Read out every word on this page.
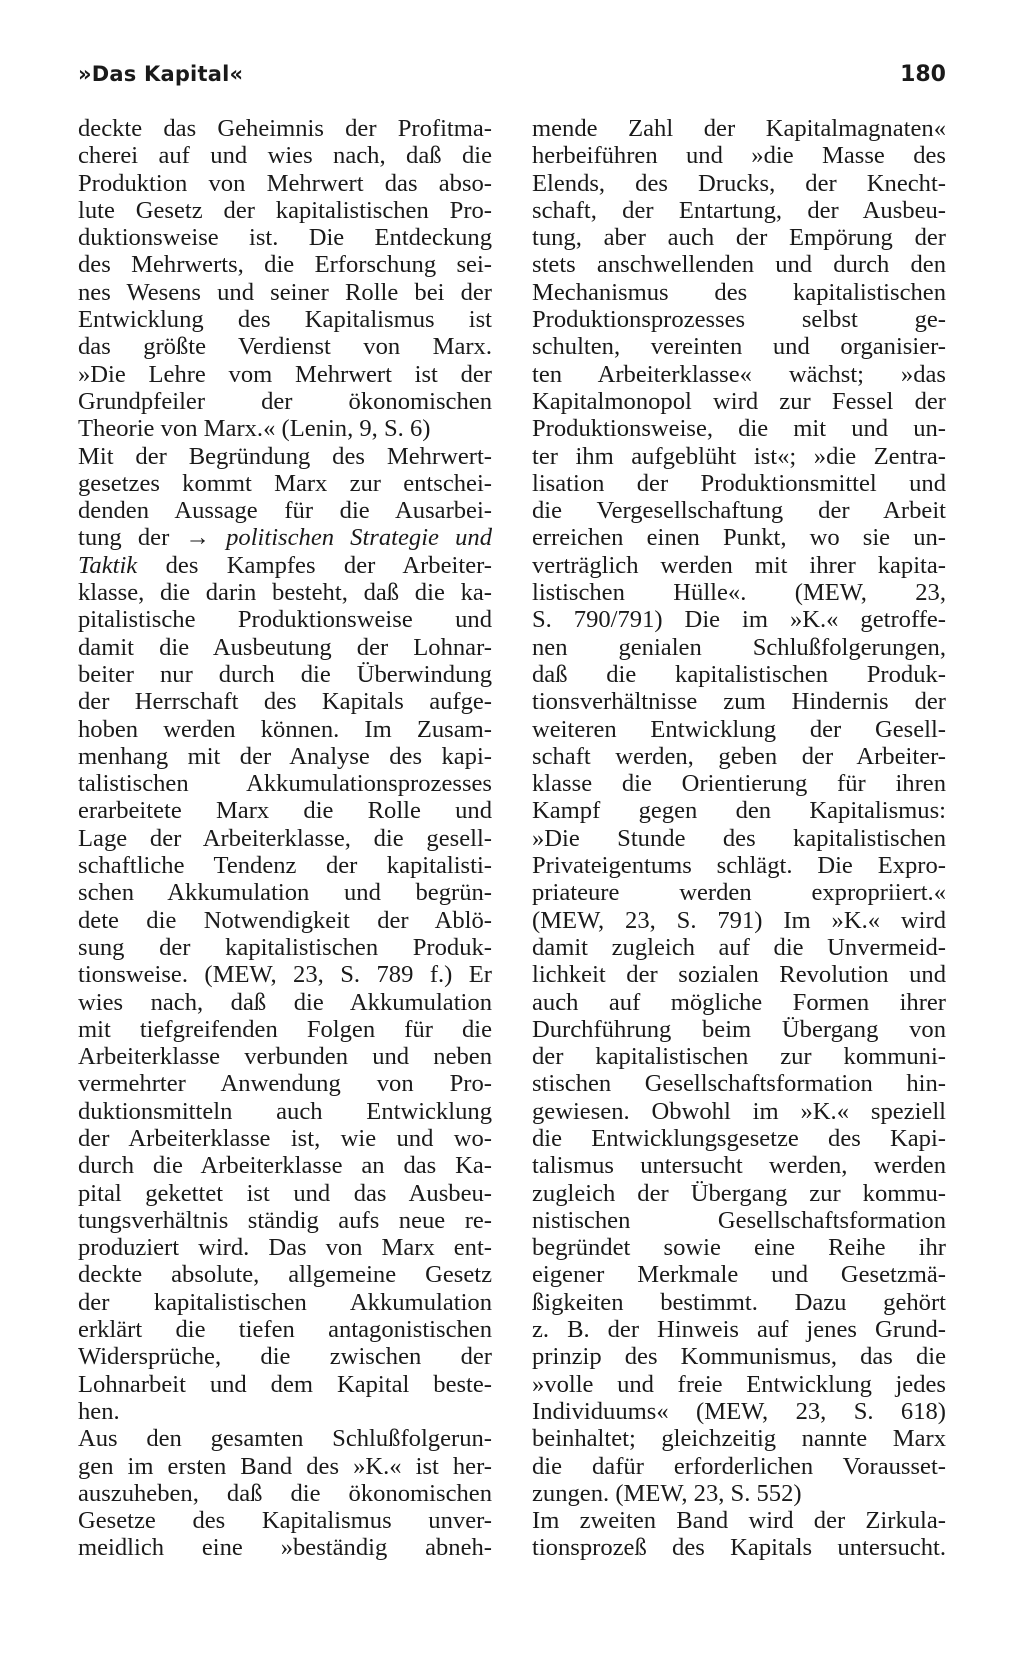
»Das Kapital«	180
deckte das Geheimnis der Profitma-
cherei auf und wies nach, daß die
Produktion von Mehrwert das abso-
lute Gesetz der kapitalistischen Pro-
duktionsweise ist. Die Entdeckung
des Mehrwerts, die Erforschung sei-
nes Wesens und seiner Rolle bei der
Entwicklung des Kapitalismus ist
das größte Verdienst von Marx.
»Die Lehre vom Mehrwert ist der
Grundpfeiler der ökonomischen
Theorie von Marx.« (Lenin, 9, S. 6)
Mit der Begründung des Mehrwert-
gesetzes kommt Marx zur entschei-
denden Aussage für die Ausarbei-
tung der → politischen Strategie und
Taktik des Kampfes der Arbeiter-
klasse, die darin besteht, daß die ka-
pitalistische Produktionsweise und
damit die Ausbeutung der Lohnar-
beiter nur durch die Überwindung
der Herrschaft des Kapitals aufge-
hoben werden können. Im Zusam-
menhang mit der Analyse des kapi-
talistischen Akkumulationsprozesses
erarbeitete Marx die Rolle und
Lage der Arbeiterklasse, die gesell-
schaftliche Tendenz der kapitalisti-
schen Akkumulation und begrün-
dete die Notwendigkeit der Ablö-
sung der kapitalistischen Produk-
tionsweise. (MEW, 23, S. 789 f.) Er
wies nach, daß die Akkumulation
mit tiefgreifenden Folgen für die
Arbeiterklasse verbunden und neben
vermehrter Anwendung von Pro-
duktionsmitteln auch Entwicklung
der Arbeiterklasse ist, wie und wo-
durch die Arbeiterklasse an das Ka-
pital gekettet ist und das Ausbeu-
tungsverhältnis ständig aufs neue re-
produziert wird. Das von Marx ent-
deckte absolute, allgemeine Gesetz
der kapitalistischen Akkumulation
erklärt die tiefen antagonistischen
Widersprüche, die zwischen der
Lohnarbeit und dem Kapital beste-
hen.
Aus den gesamten Schlußfolgerun-
gen im ersten Band des »K.« ist her-
auszuheben, daß die ökonomischen
Gesetze des Kapitalismus unver-
meidlich eine »beständig abneh-
mende Zahl der Kapitalmagnaten«
herbeiführen und »die Masse des
Elends, des Drucks, der Knecht-
schaft, der Entartung, der Ausbeu-
tung, aber auch der Empörung der
stets anschwellenden und durch den
Mechanismus des kapitalistischen
Produktionsprozesses selbst ge-
schulten, vereinten und organisier-
ten Arbeiterklasse« wächst; »das
Kapitalmonopol wird zur Fessel der
Produktionsweise, die mit und un-
ter ihm aufgeblüht ist«; »die Zentra-
lisation der Produktionsmittel und
die Vergesellschaftung der Arbeit
erreichen einen Punkt, wo sie un-
verträglich werden mit ihrer kapita-
listischen Hülle«. (MEW, 23,
S. 790/791) Die im »K.« getroffe-
nen genialen Schlußfolgerungen,
daß die kapitalistischen Produk-
tionsverhältnisse zum Hindernis der
weiteren Entwicklung der Gesell-
schaft werden, geben der Arbeiter-
klasse die Orientierung für ihren
Kampf gegen den Kapitalismus:
»Die Stunde des kapitalistischen
Privateigentums schlägt. Die Expro-
priateure werden expropriiert.«
(MEW, 23, S. 791) Im »K.« wird
damit zugleich auf die Unvermeid-
lichkeit der sozialen Revolution und
auch auf mögliche Formen ihrer
Durchführung beim Übergang von
der kapitalistischen zur kommuni-
stischen Gesellschaftsformation hin-
gewiesen. Obwohl im »K.« speziell
die Entwicklungsgesetze des Kapi-
talismus untersucht werden, werden
zugleich der Übergang zur kommu-
nistischen Gesellschaftsformation
begründet sowie eine Reihe ihr
eigener Merkmale und Gesetzmä-
ßigkeiten bestimmt. Dazu gehört
z. B. der Hinweis auf jenes Grund-
prinzip des Kommunismus, das die
»volle und freie Entwicklung jedes
Individuums« (MEW, 23, S. 618)
beinhaltet; gleichzeitig nannte Marx
die dafür erforderlichen Vorausset-
zungen. (MEW, 23, S. 552)
Im zweiten Band wird der Zirkula-
tionsprozeß des Kapitals untersucht.
